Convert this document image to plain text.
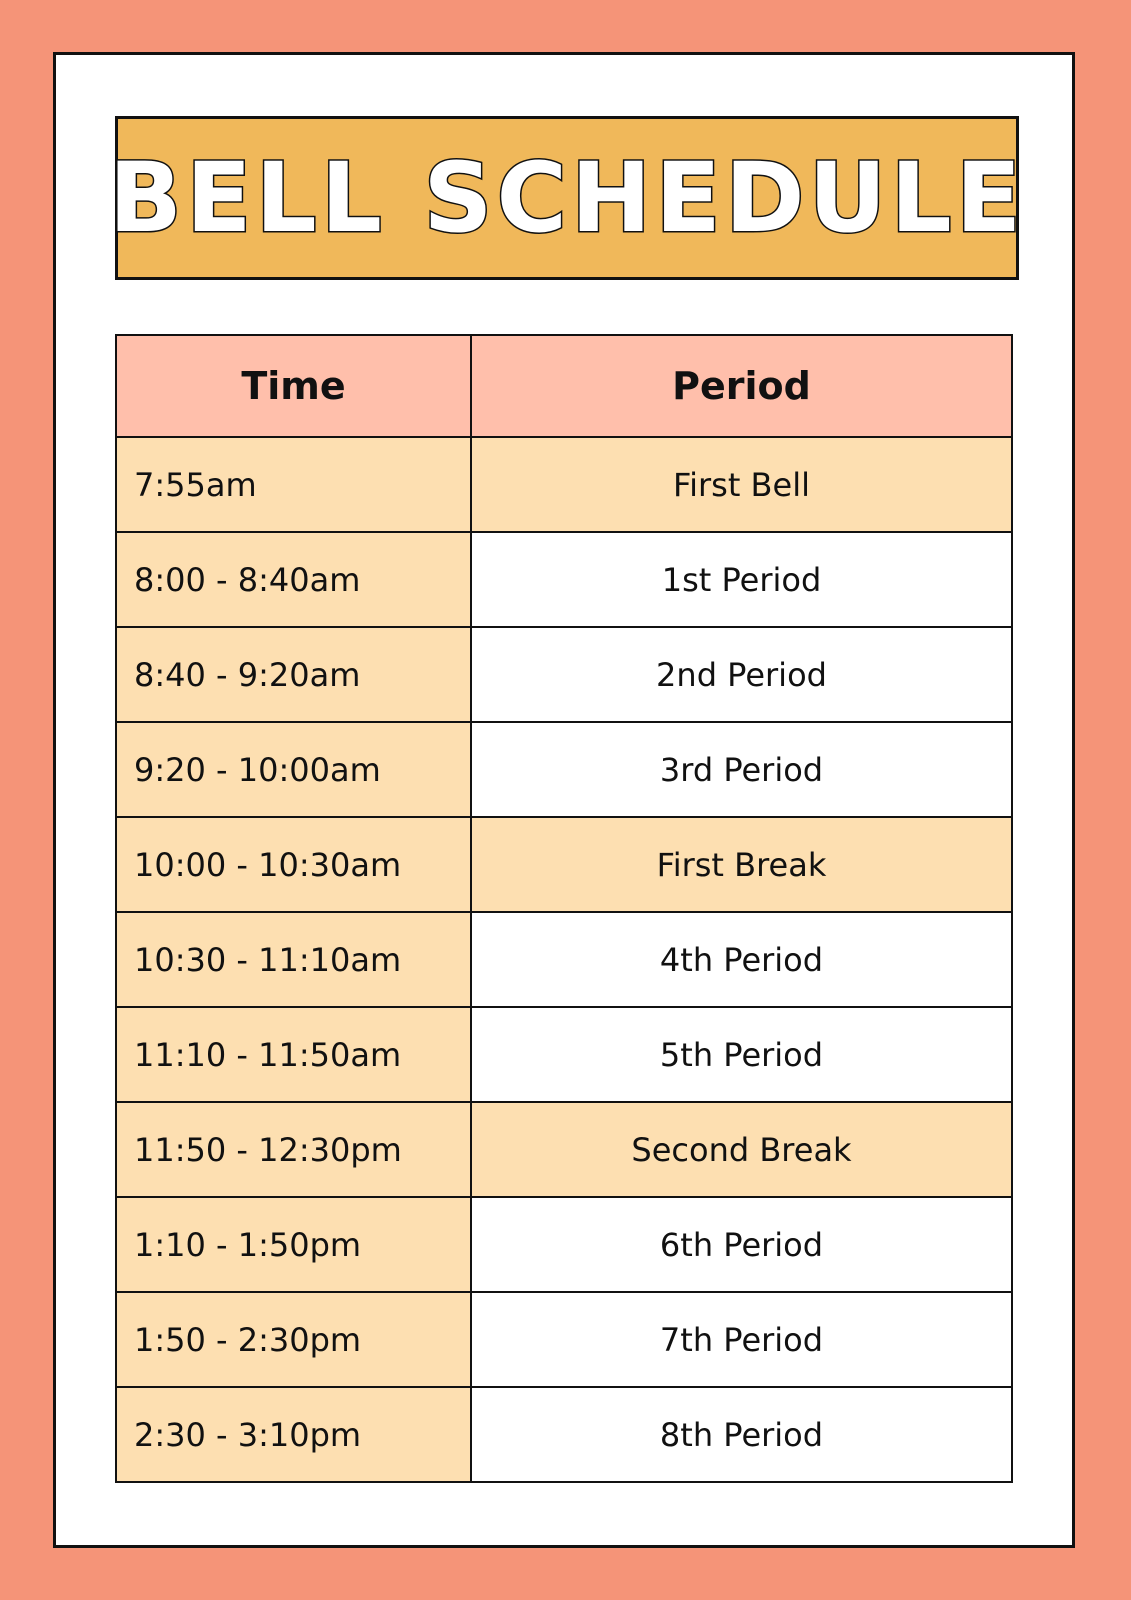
BELL SCHEDULE
Time	Period
7:55am	First Bell
8:00 - 8:40am	1st Period
8:40 - 9:20am	2nd Period
9:20 - 10:00am	3rd Period
10:00 - 10:30am	First Break
10:30 - 11:10am	4th Period
11:10 - 11:50am	5th Period
11:50 - 12:30pm	Second Break
1:10 - 1:50pm	6th Period
1:50 - 2:30pm	7th Period
2:30 - 3:10pm	8th Period
